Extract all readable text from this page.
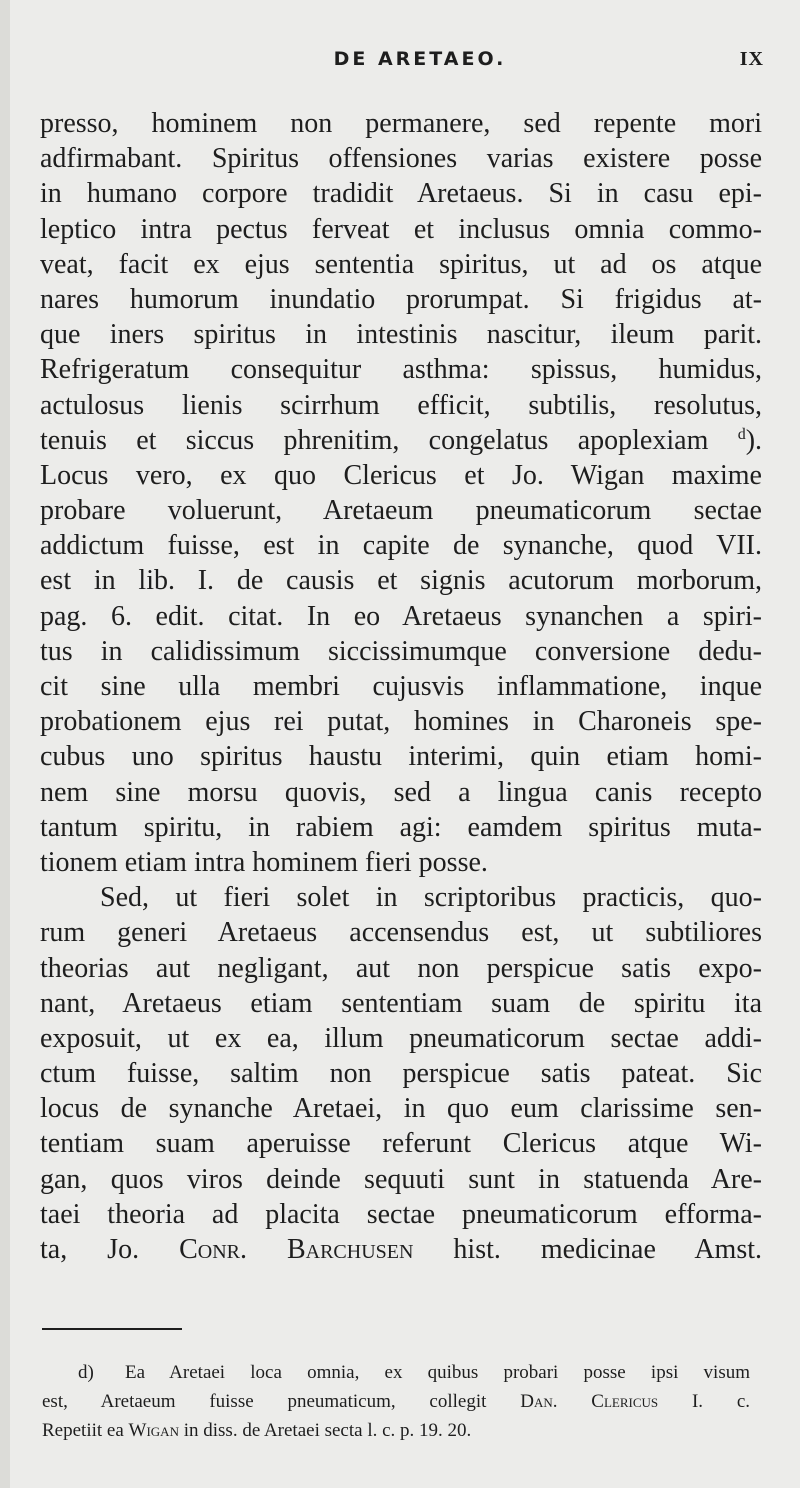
DE ARETAEO.	IX
presso, hominem non permanere, sed repente mori
adfirmabant. Spiritus offensiones varias existere posse
in humano corpore tradidit Aretaeus. Si in casu epi-
leptico intra pectus ferveat et inclusus omnia commo-
veat, facit ex ejus sententia spiritus, ut ad os atque
nares humorum inundatio prorumpat. Si frigidus at-
que iners spiritus in intestinis nascitur, ileum parit.
Refrigeratum consequitur asthma: spissus, humidus,
actulosus lienis scirrhum efficit, subtilis, resolutus,
tenuis et siccus phrenitim, congelatus apoplexiam $^d$).
Locus vero, ex quo Clericus et Jo. Wigan maxime
probare voluerunt, Aretaeum pneumaticorum sectae
addictum fuisse, est in capite de synanche, quod VII.
est in lib. I. de causis et signis acutorum morborum,
pag. 6. edit. citat. In eo Aretaeus synanchen a spiri-
tus in calidissimum siccissimumque conversione dedu-
cit sine ulla membri cujusvis inflammatione, inque
probationem ejus rei putat, homines in Charoneis spe-
cubus uno spiritus haustu interimi, quin etiam homi-
nem sine morsu quovis, sed a lingua canis recepto
tantum spiritu, in rabiem agi: eamdem spiritus muta-
tionem etiam intra hominem fieri posse.
Sed, ut fieri solet in scriptoribus practicis, quo-
rum generi Aretaeus accensendus est, ut subtiliores
theorias aut negligant, aut non perspicue satis expo-
nant, Aretaeus etiam sententiam suam de spiritu ita
exposuit, ut ex ea, illum pneumaticorum sectae addi-
ctum fuisse, saltim non perspicue satis pateat. Sic
locus de synanche Aretaei, in quo eum clarissime sen-
tentiam suam aperuisse referunt Clericus atque Wi-
gan, quos viros deinde sequuti sunt in statuenda Are-
taei theoria ad placita sectae pneumaticorum efforma-
ta, Jo. Conr. Barchusen hist. medicinae Amst.
d) Ea Aretaei loca omnia, ex quibus probari posse ipsi visum
est, Aretaeum fuisse pneumaticum, collegit Dan. Clericus I. c.
Repetiit ea Wigan in diss. de Aretaei secta l. c. p. 19. 20.
